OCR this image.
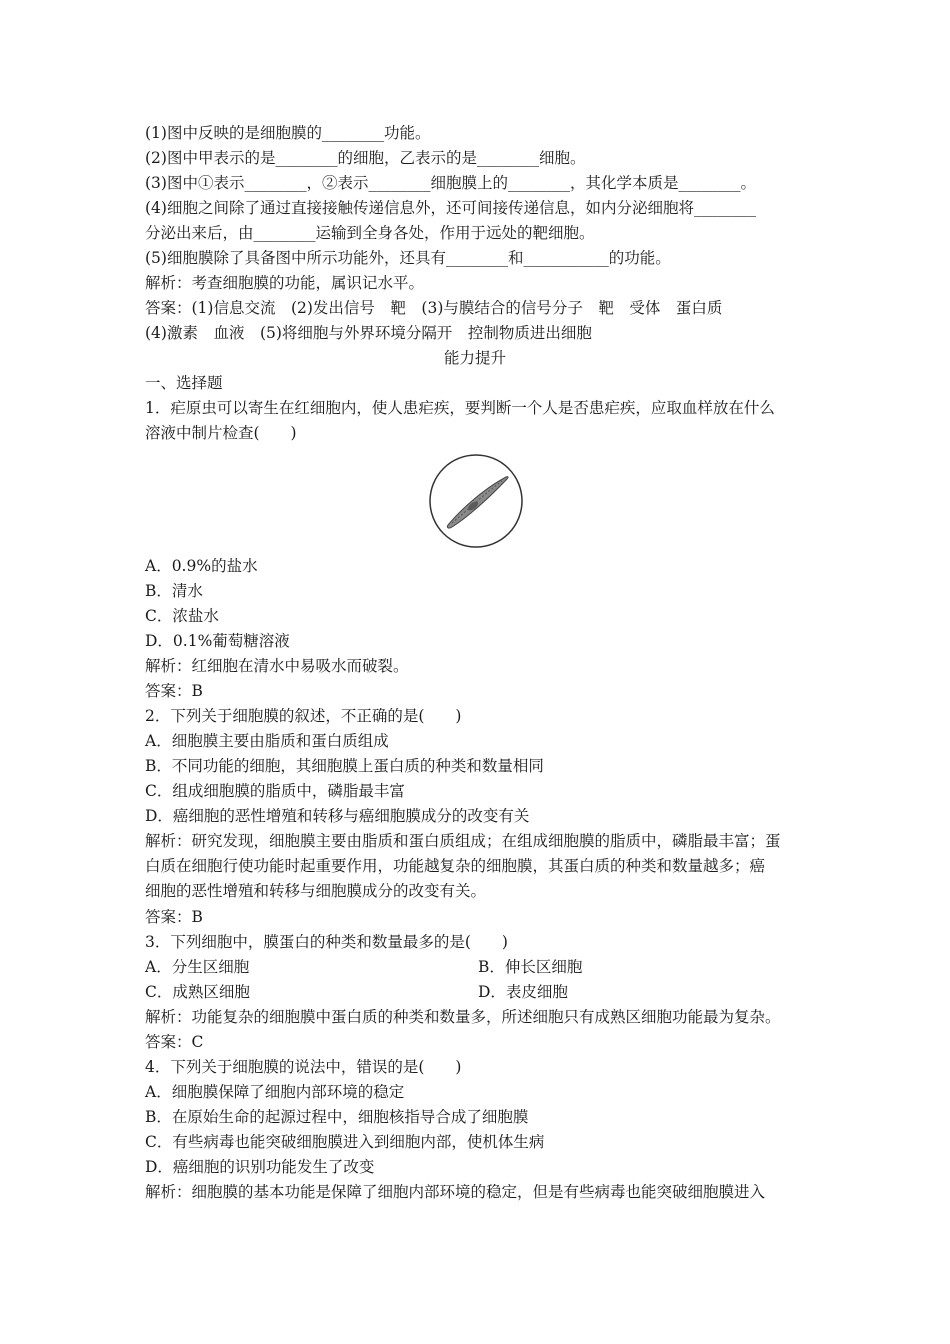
(1)图中反映的是细胞膜的________功能。
(2)图中甲表示的是________的细胞，乙表示的是________细胞。
(3)图中①表示________，②表示________细胞膜上的________，其化学本质是________。
(4)细胞之间除了通过直接接触传递信息外，还可间接传递信息，如内分泌细胞将________
分泌出来后，由________运输到全身各处，作用于远处的靶细胞。
(5)细胞膜除了具备图中所示功能外，还具有________和___________的功能。
解析：考查细胞膜的功能，属识记水平。
答案：(1)信息交流　(2)发出信号　靶　(3)与膜结合的信号分子　靶　受体　蛋白质
(4)激素　血液　(5)将细胞与外界环境分隔开　控制物质进出细胞
能力提升
一、选择题
1．疟原虫可以寄生在红细胞内，使人患疟疾，要判断一个人是否患疟疾，应取血样放在什么
溶液中制片检查(　　)
A．0.9%的盐水
B．清水
C．浓盐水
D．0.1%葡萄糖溶液
解析：红细胞在清水中易吸水而破裂。
答案：B
2．下列关于细胞膜的叙述，不正确的是(　　)
A．细胞膜主要由脂质和蛋白质组成
B．不同功能的细胞，其细胞膜上蛋白质的种类和数量相同
C．组成细胞膜的脂质中，磷脂最丰富
D．癌细胞的恶性增殖和转移与癌细胞膜成分的改变有关
解析：研究发现，细胞膜主要由脂质和蛋白质组成；在组成细胞膜的脂质中，磷脂最丰富；蛋
白质在细胞行使功能时起重要作用，功能越复杂的细胞膜，其蛋白质的种类和数量越多；癌
细胞的恶性增殖和转移与细胞膜成分的改变有关。
答案：B
3．下列细胞中，膜蛋白的种类和数量最多的是(　　)
A．分生区细胞	B．伸长区细胞
C．成熟区细胞	D．表皮细胞
解析：功能复杂的细胞膜中蛋白质的种类和数量多，所述细胞只有成熟区细胞功能最为复杂。
答案：C
4．下列关于细胞膜的说法中，错误的是(　　)
A．细胞膜保障了细胞内部环境的稳定
B．在原始生命的起源过程中，细胞核指导合成了细胞膜
C．有些病毒也能突破细胞膜进入到细胞内部，使机体生病
D．癌细胞的识别功能发生了改变
解析：细胞膜的基本功能是保障了细胞内部环境的稳定，但是有些病毒也能突破细胞膜进入
